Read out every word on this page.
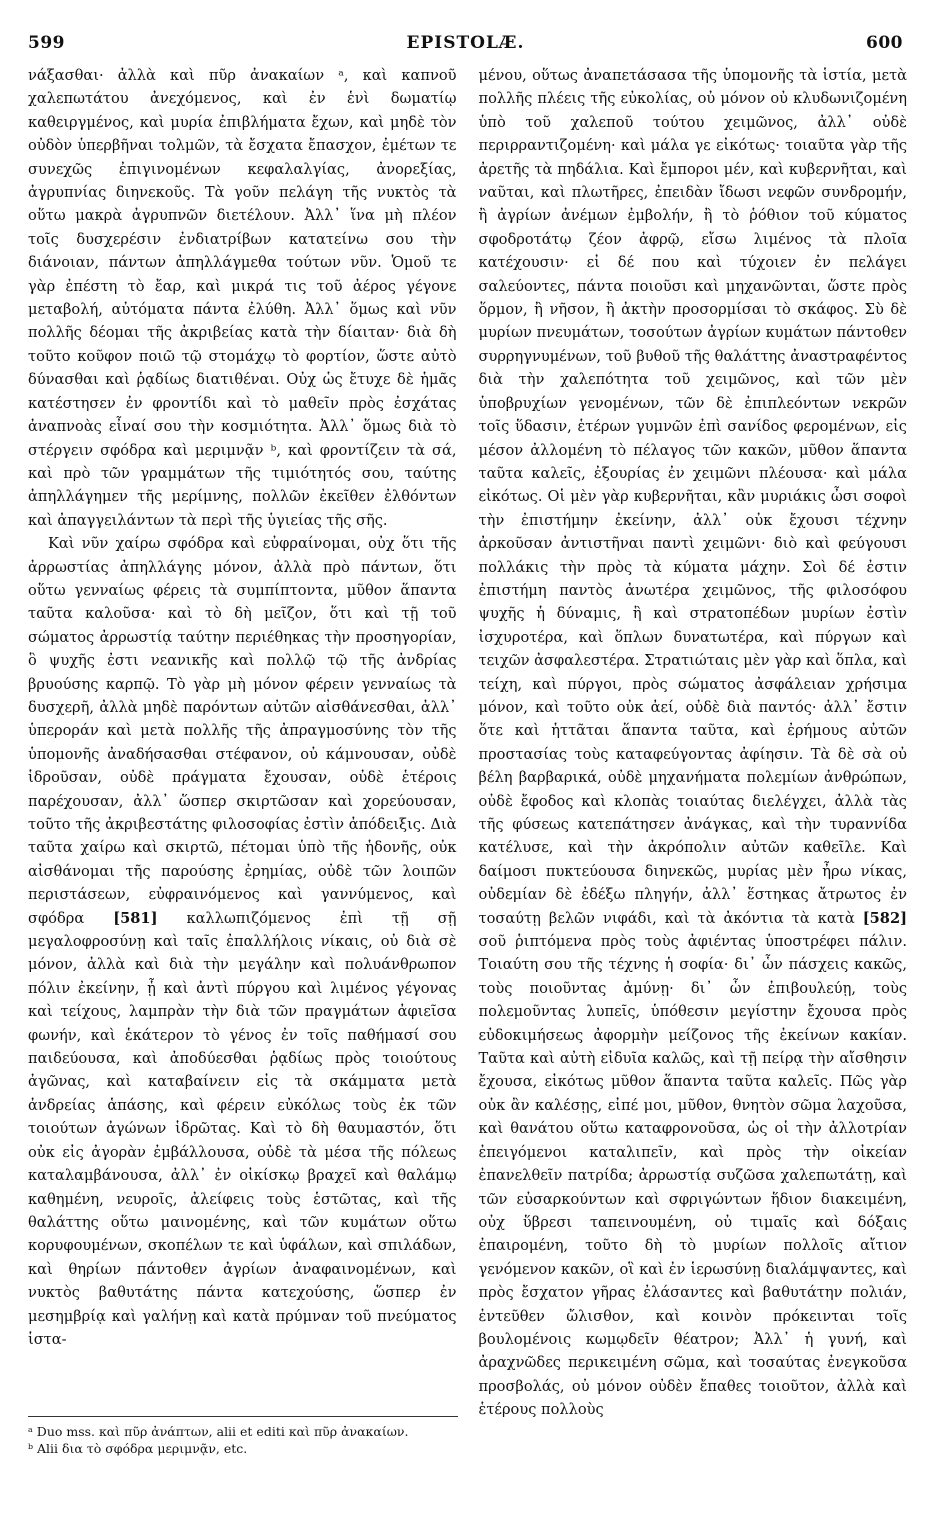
599	EPISTOLÆ.	600

νάξασθαι· ἀλλὰ καὶ πῦρ ἀνακαίων ᵃ, καὶ καπνοῦ χαλεπωτάτου ἀνεχόμενος, καὶ ἐν ἑνὶ δωματίῳ καθειργμένος, καὶ μυρία ἐπιβλήματα ἔχων, καὶ μηδὲ τὸν οὐδὸν ὑπερβῆναι τολμῶν, τὰ ἔσχατα ἔπασχον, ἐμέτων τε συνεχῶς ἐπιγινομένων κεφαλαλγίας, ἀνορεξίας, ἀγρυπνίας διηνεκοῦς. Τὰ γοῦν πελάγη τῆς νυκτὸς τὰ οὕτω μακρὰ ἀγρυπνῶν διετέλουν. Ἀλλ᾽ ἵνα μὴ πλέον τοῖς δυσχερέσιν ἐνδιατρίβων κατατείνω σου τὴν διάνοιαν, πάντων ἀπηλλάγμεθα τούτων νῦν. Ὁμοῦ τε γὰρ ἐπέστη τὸ ἔαρ, καὶ μικρά τις τοῦ ἀέρος γέγονε μεταβολή, αὐτόματα πάντα ἐλύθη. Ἀλλ᾽ ὅμως καὶ νῦν πολλῆς δέομαι τῆς ἀκριβείας κατὰ τὴν δίαιταν· διὰ δὴ τοῦτο κοῦφον ποιῶ τῷ στομάχῳ τὸ φορτίον, ὥστε αὐτὸ δύνασθαι καὶ ῥᾳδίως διατιθέναι. Οὐχ ὡς ἔτυχε δὲ ἡμᾶς κατέστησεν ἐν φροντίδι καὶ τὸ μαθεῖν πρὸς ἐσχάτας ἀναπνοὰς εἶναί σου τὴν κοσμιότητα. Ἀλλ᾽ ὅμως διὰ τὸ στέργειν σφόδρα καὶ μεριμνᾷν ᵇ, καὶ φροντίζειν τὰ σά, καὶ πρὸ τῶν γραμμάτων τῆς τιμιότητός σου, ταύτης ἀπηλλάγημεν τῆς μερίμνης, πολλῶν ἐκεῖθεν ἐλθόντων καὶ ἀπαγγειλάντων τὰ περὶ τῆς ὑγιείας τῆς σῆς.

Καὶ νῦν χαίρω σφόδρα καὶ εὐφραίνομαι, οὐχ ὅτι τῆς ἀρρωστίας ἀπηλλάγης μόνον, ἀλλὰ πρὸ πάντων, ὅτι οὕτω γενναίως φέρεις τὰ συμπίπτοντα, μῦθον ἅπαντα ταῦτα καλοῦσα· καὶ τὸ δὴ μεῖζον, ὅτι καὶ τῇ τοῦ σώματος ἀρρωστίᾳ ταύτην περιέθηκας τὴν προσηγορίαν, ὃ ψυχῆς ἐστι νεανικῆς καὶ πολλῷ τῷ τῆς ἀνδρίας βρυούσης καρπῷ. Τὸ γὰρ μὴ μόνον φέρειν γενναίως τὰ δυσχερῆ, ἀλλὰ μηδὲ παρόντων αὐτῶν αἰσθάνεσθαι, ἀλλ᾽ ὑπεροράν καὶ μετὰ πολλῆς τῆς ἀπραγμοσύνης τὸν τῆς ὑπομονῆς ἀναδήσασθαι στέφανον, οὐ κάμνουσαν, οὐδὲ ἱδροῦσαν, οὐδὲ πράγματα ἔχουσαν, οὐδὲ ἑτέροις παρέχουσαν, ἀλλ᾽ ὥσπερ σκιρτῶσαν καὶ χορεύουσαν, τοῦτο τῆς ἀκριβεστάτης φιλοσοφίας ἐστὶν ἀπόδειξις. Διὰ ταῦτα χαίρω καὶ σκιρτῶ, πέτομαι ὑπὸ τῆς ἡδονῆς, οὐκ αἰσθάνομαι τῆς παρούσης ἐρημίας, οὐδὲ τῶν λοιπῶν περιστάσεων, εὐφραινόμενος καὶ γαννύμενος, καὶ σφόδρα [581] καλλωπιζόμενος ἐπὶ τῇ σῇ μεγαλοφροσύνῃ καὶ ταῖς ἐπαλλήλοις νίκαις, οὐ διὰ σὲ μόνον, ἀλλὰ καὶ διὰ τὴν μεγάλην καὶ πολυάνθρωπον πόλιν ἐκείνην, ᾗ καὶ ἀντὶ πύργου καὶ λιμένος γέγονας καὶ τείχους, λαμπρὰν τὴν διὰ τῶν πραγμάτων ἀφιεῖσα φωνήν, καὶ ἑκάτερον τὸ γένος ἐν τοῖς παθήμασί σου παιδεύουσα, καὶ ἀποδύεσθαι ῥᾳδίως πρὸς τοιούτους ἀγῶνας, καὶ καταβαίνειν εἰς τὰ σκάμματα μετὰ ἀνδρείας ἁπάσης, καὶ φέρειν εὐκόλως τοὺς ἐκ τῶν τοιούτων ἀγώνων ἱδρῶτας. Καὶ τὸ δὴ θαυμαστόν, ὅτι οὐκ εἰς ἀγορὰν ἐμβάλλουσα, οὐδὲ τὰ μέσα τῆς πόλεως καταλαμβάνουσα, ἀλλ᾽ ἐν οἰκίσκῳ βραχεῖ καὶ θαλάμῳ καθημένη, νευροῖς, ἀλείφεις τοὺς ἑστῶτας, καὶ τῆς θαλάττης οὕτω μαινομένης, καὶ τῶν κυμάτων οὕτω κορυφουμένων, σκοπέλων τε καὶ ὑφάλων, καὶ σπιλάδων, καὶ θηρίων πάντοθεν ἀγρίων ἀναφαινομένων, καὶ νυκτὸς βαθυτάτης πάντα κατεχούσης, ὥσπερ ἐν μεσημβρίᾳ καὶ γαλήνῃ καὶ κατὰ πρύμναν τοῦ πνεύματος ἱστα-

μένου, οὕτως ἀναπετάσασα τῆς ὑπομονῆς τὰ ἱστία, μετὰ πολλῆς πλέεις τῆς εὐκολίας, οὐ μόνον οὐ κλυδωνιζομένη ὑπὸ τοῦ χαλεποῦ τούτου χειμῶνος, ἀλλ᾽ οὐδὲ περιρραντιζομένη· καὶ μάλα γε εἰκότως· τοιαῦτα γὰρ τῆς ἀρετῆς τὰ πηδάλια. Καὶ ἔμποροι μέν, καὶ κυβερνῆται, καὶ ναῦται, καὶ πλωτῆρες, ἐπειδὰν ἴδωσι νεφῶν συνδρομήν, ἢ ἀγρίων ἀνέμων ἐμβολήν, ἢ τὸ ῥόθιον τοῦ κύματος σφοδροτάτῳ ζέον ἀφρῷ, εἴσω λιμένος τὰ πλοῖα κατέχουσιν· εἰ δέ που καὶ τύχοιεν ἐν πελάγει σαλεύοντες, πάντα ποιοῦσι καὶ μηχανῶνται, ὥστε πρὸς ὅρμον, ἢ νῆσον, ἢ ἀκτὴν προσορμίσαι τὸ σκάφος. Σὺ δὲ μυρίων πνευμάτων, τοσούτων ἀγρίων κυμάτων πάντοθεν συρρηγνυμένων, τοῦ βυθοῦ τῆς θαλάττης ἀναστραφέντος διὰ τὴν χαλεπότητα τοῦ χειμῶνος, καὶ τῶν μὲν ὑποβρυχίων γενομένων, τῶν δὲ ἐπιπλεόντων νεκρῶν τοῖς ὕδασιν, ἑτέρων γυμνῶν ἐπὶ σανίδος φερομένων, εἰς μέσον ἀλλομένη τὸ πέλαγος τῶν κακῶν, μῦθον ἅπαντα ταῦτα καλεῖς, ἐξουρίας ἐν χειμῶνι πλέουσα· καὶ μάλα εἰκότως. Οἱ μὲν γὰρ κυβερνῆται, κἂν μυριάκις ὦσι σοφοὶ τὴν ἐπιστήμην ἐκείνην, ἀλλ᾽ οὐκ ἔχουσι τέχνην ἀρκοῦσαν ἀντιστῆναι παντὶ χειμῶνι· διὸ καὶ φεύγουσι πολλάκις τὴν πρὸς τὰ κύματα μάχην. Σοὶ δέ ἐστιν ἐπιστήμη παντὸς ἀνωτέρα χειμῶνος, τῆς φιλοσόφου ψυχῆς ἡ δύναμις, ἣ καὶ στρατοπέδων μυρίων ἐστὶν ἰσχυροτέρα, καὶ ὅπλων δυνατωτέρα, καὶ πύργων καὶ τειχῶν ἀσφαλεστέρα. Στρατιώταις μὲν γὰρ καὶ ὅπλα, καὶ τείχη, καὶ πύργοι, πρὸς σώματος ἀσφάλειαν χρήσιμα μόνον, καὶ τοῦτο οὐκ ἀεί, οὐδὲ διὰ παντός· ἀλλ᾽ ἔστιν ὅτε καὶ ἡττᾶται ἅπαντα ταῦτα, καὶ ἐρήμους αὐτῶν προστασίας τοὺς καταφεύγοντας ἀφίησιν. Τὰ δὲ σὰ οὐ βέλη βαρβαρικά, οὐδὲ μηχανήματα πολεμίων ἀνθρώπων, οὐδὲ ἔφοδος καὶ κλοπὰς τοιαύτας διελέγχει, ἀλλὰ τὰς τῆς φύσεως κατεπάτησεν ἀνάγκας, καὶ τὴν τυραννίδα κατέλυσε, καὶ τὴν ἀκρόπολιν αὐτῶν καθεῖλε. Καὶ δαίμοσι πυκτεύουσα διηνεκῶς, μυρίας μὲν ἦρω νίκας, οὐδεμίαν δὲ ἐδέξω πληγήν, ἀλλ᾽ ἕστηκας ἄτρωτος ἐν τοσαύτῃ βελῶν νιφάδι, καὶ τὰ ἀκόντια τὰ κατὰ [582] σοῦ ῥιπτόμενα πρὸς τοὺς ἀφιέντας ὑποστρέφει πάλιν. Τοιαύτη σου τῆς τέχνης ἡ σοφία· δι᾽ ὧν πάσχεις κακῶς, τοὺς ποιοῦντας ἀμύνῃ· δι᾽ ὧν ἐπιβουλεύῃ, τοὺς πολεμοῦντας λυπεῖς, ὑπόθεσιν μεγίστην ἔχουσα πρὸς εὐδοκιμήσεως ἀφορμὴν μείζονος τῆς ἐκείνων κακίαν. Ταῦτα καὶ αὐτὴ εἰδυῖα καλῶς, καὶ τῇ πείρᾳ τὴν αἴσθησιν ἔχουσα, εἰκότως μῦθον ἅπαντα ταῦτα καλεῖς. Πῶς γὰρ οὐκ ἂν καλέσῃς, εἰπέ μοι, μῦθον, θνητὸν σῶμα λαχοῦσα, καὶ θανάτου οὕτω καταφρονοῦσα, ὡς οἱ τὴν ἀλλοτρίαν ἐπειγόμενοι καταλιπεῖν, καὶ πρὸς τὴν οἰκείαν ἐπανελθεῖν πατρίδα; ἀρρωστίᾳ συζῶσα χαλεπωτάτῃ, καὶ τῶν εὐσαρκούντων καὶ σφριγώντων ἥδιον διακειμένη, οὐχ ὕβρεσι ταπεινουμένη, οὐ τιμαῖς καὶ δόξαις ἐπαιρομένη, τοῦτο δὴ τὸ μυρίων πολλοῖς αἴτιον γενόμενον κακῶν, οἳ καὶ ἐν ἱερωσύνῃ διαλάμψαντες, καὶ πρὸς ἔσχατον γῆρας ἐλάσαντες καὶ βαθυτάτην πολιάν, ἐντεῦθεν ὤλισθον, καὶ κοινὸν πρόκεινται τοῖς βουλομένοις κωμῳδεῖν θέατρον; Ἀλλ᾽ ἡ γυνή, καὶ ἀραχνῶδες περικειμένη σῶμα, καὶ τοσαύτας ἐνεγκοῦσα προσβολάς, οὐ μόνον οὐδὲν ἔπαθες τοιοῦτον, ἀλλὰ καὶ ἑτέρους πολλοὺς

ᵃ Duo mss. καὶ πῦρ ἀνάπτων, alii et editi καὶ πῦρ ἀνακαίων.

ᵇ Alii δια τὸ σφόδρα μεριμνᾷν, etc.
